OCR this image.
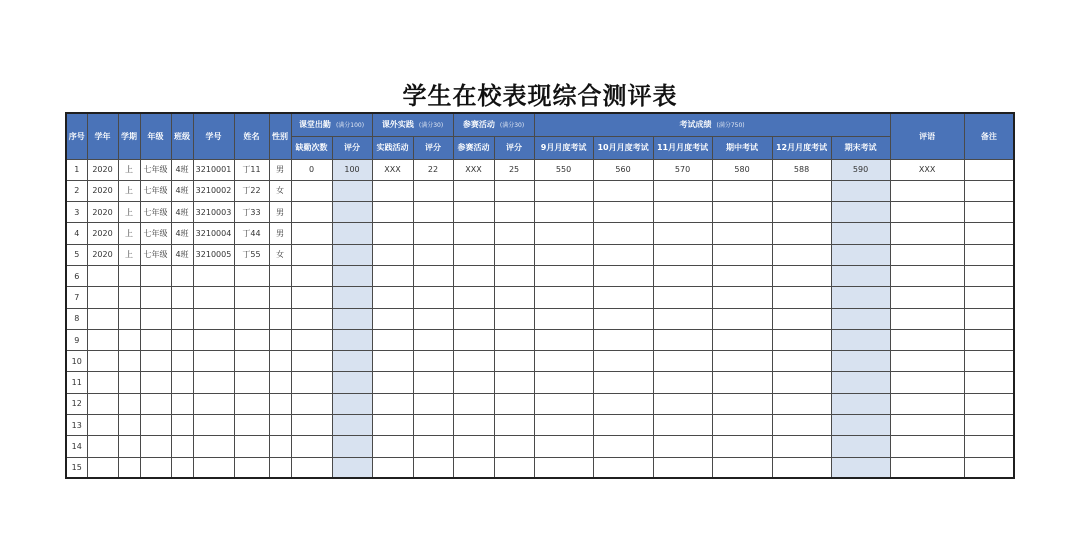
学生在校表现综合测评表
序号	学年	学期	年级	班级	学号	姓名	性别	课堂出勤 (满分100)		课外实践 (满分30)		参赛活动 (满分30)		考试成绩 (满分750)						评语	备注
								缺勤次数	评分	实践活动	评分	参赛活动	评分	9月月度考试	10月月度考试	11月月度考试	期中考试	12月月度考试	期末考试		
1	2020	上	七年级	4班	3210001	丁11	男	0	100	XXX	22	XXX	25	550	560	570	580	588	590	XXX	
2	2020	上	七年级	4班	3210002	丁22	女														
3	2020	上	七年级	4班	3210003	丁33	男														
4	2020	上	七年级	4班	3210004	丁44	男														
5	2020	上	七年级	4班	3210005	丁55	女														
6																					
7																					
8																					
9																					
10																					
11																					
12																					
13																					
14																					
15																					
